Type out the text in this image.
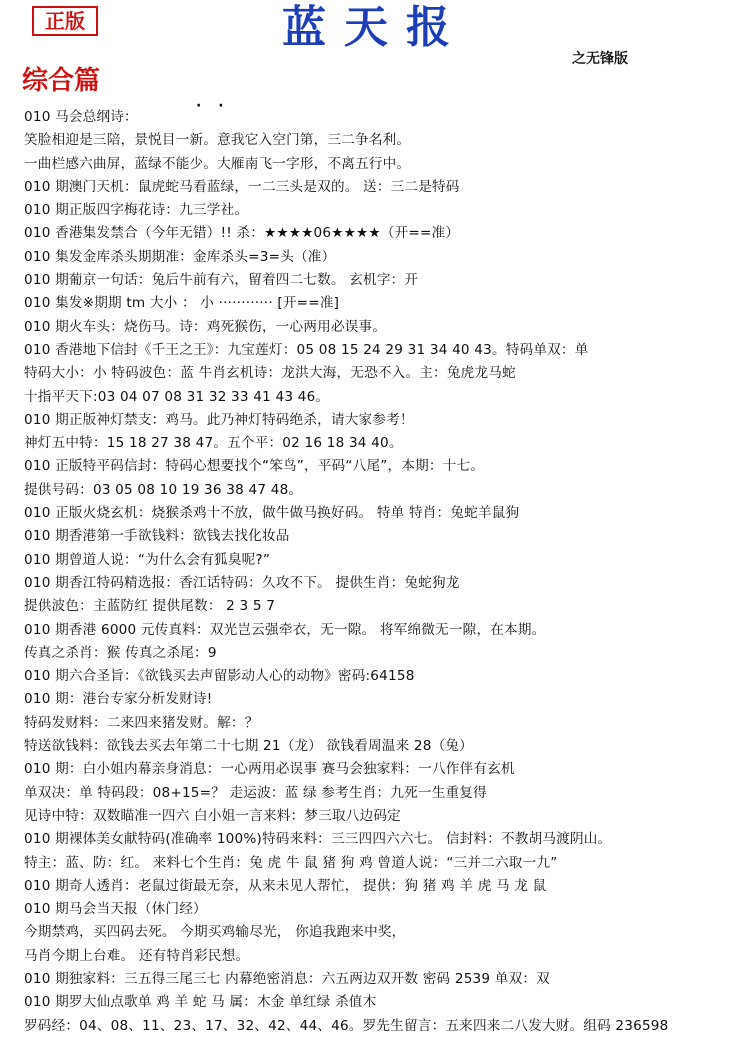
正版	蓝天报
之无锋版
综合篇
· ·
010 马会总纲诗：
笑脸相迎是三陪，景悦目一新。意我它入空门第，三二争名利。
一曲栏感六曲屏，蓝绿不能少。大雁南飞一字形，不离五行中。
010 期澳门天机：鼠虎蛇马看蓝绿，一二三头是双的。 送：三二是特码
010 期正版四字梅花诗：九三学社。
010 香港集发禁合（今年无错）!! 杀：★★★★06★★★★（开==准）
010 集发金库杀头期期准：金库杀头=3=头（准）
010 期葡京一句话：兔后牛前有六，留着四二七数。 玄机字：开
010 集发※期期 tm 大小 ： 小 ············ [开==准]
010 期火车头：烧伤马。诗：鸡死猴伤，一心两用必误事。
010 香港地下信封《千王之王》：九宝莲灯：05 08 15 24 29 31 34 40 43。特码单双：单
特码大小：小 特码波色：蓝 牛肖玄机诗：龙洪大海，无恐不入。主：兔虎龙马蛇
十指平天下:03 04 07 08 31 32 33 41 43 46。
010 期正版神灯禁支：鸡马。此乃神灯特码绝杀，请大家参考！
神灯五中特：15 18 27 38 47。五个平：02 16 18 34 40。
010 正版特平码信封：特码心想要找个“笨鸟”，平码“八尾”，本期：十七。
提供号码：03 05 08 10 19 36 38 47 48。
010 正版火烧玄机：烧猴杀鸡十不放，做牛做马换好码。 特单 特肖：兔蛇羊鼠狗
010 期香港第一手欲钱料：欲钱去找化妆品
010 期曾道人说：“为什么会有狐臭呢?”
010 期香江特码精选报：香江话特码：久攻不下。 提供生肖：兔蛇狗龙
提供波色：主蓝防红 提供尾数： 2 3 5 7
010 期香港 6000 元传真料：双光岂云强牵衣，无一隙。 将军绵微无一隙，在本期。
传真之杀肖：猴 传真之杀尾：9
010 期六合圣旨：《欲钱买去声留影动人心的动物》密码:64158
010 期：港台专家分析发财诗!
特码发财料：二来四来猪发财。解：？
特送欲钱料：欲钱去买去年第二十七期 21（龙） 欲钱看周温来 28（兔）
010 期：白小姐内幕亲身消息：一心两用必误事 赛马会独家料：一八作伴有玄机
单双决：单 特码段：08+15=？ 走运波：蓝 绿 参考生肖：九死一生重复得
见诗中特：双数瞄准一四六 白小姐一言来料：梦三取八边码定
010 期裸体美女献特码(准确率 100%)特码来料：三三四四六六七。 信封料：不教胡马渡阴山。
特主：蓝、防：红。 来料七个生肖：兔 虎 牛 鼠 猪 狗 鸡 曾道人说：“三并二六取一九”
010 期奇人透肖：老鼠过街最无奈，从来未见人帮忙， 提供：狗 猪 鸡 羊 虎 马 龙 鼠
010 期马会当天报（休门经）
今期禁鸡，买四码去死。 今期买鸡输尽光， 你追我跑来中奖，
马肖今期上台难。 还有特肖彩民想。
010 期独家料：三五得三尾三七 内幕绝密消息：六五两边双开数 密码 2539 单双：双
010 期罗大仙点歌单 鸡 羊 蛇 马 属：木金 单红绿 杀值木
罗码经：04、08、11、23、17、32、42、44、46。罗先生留言：五来四来二八发大财。组码 236598
